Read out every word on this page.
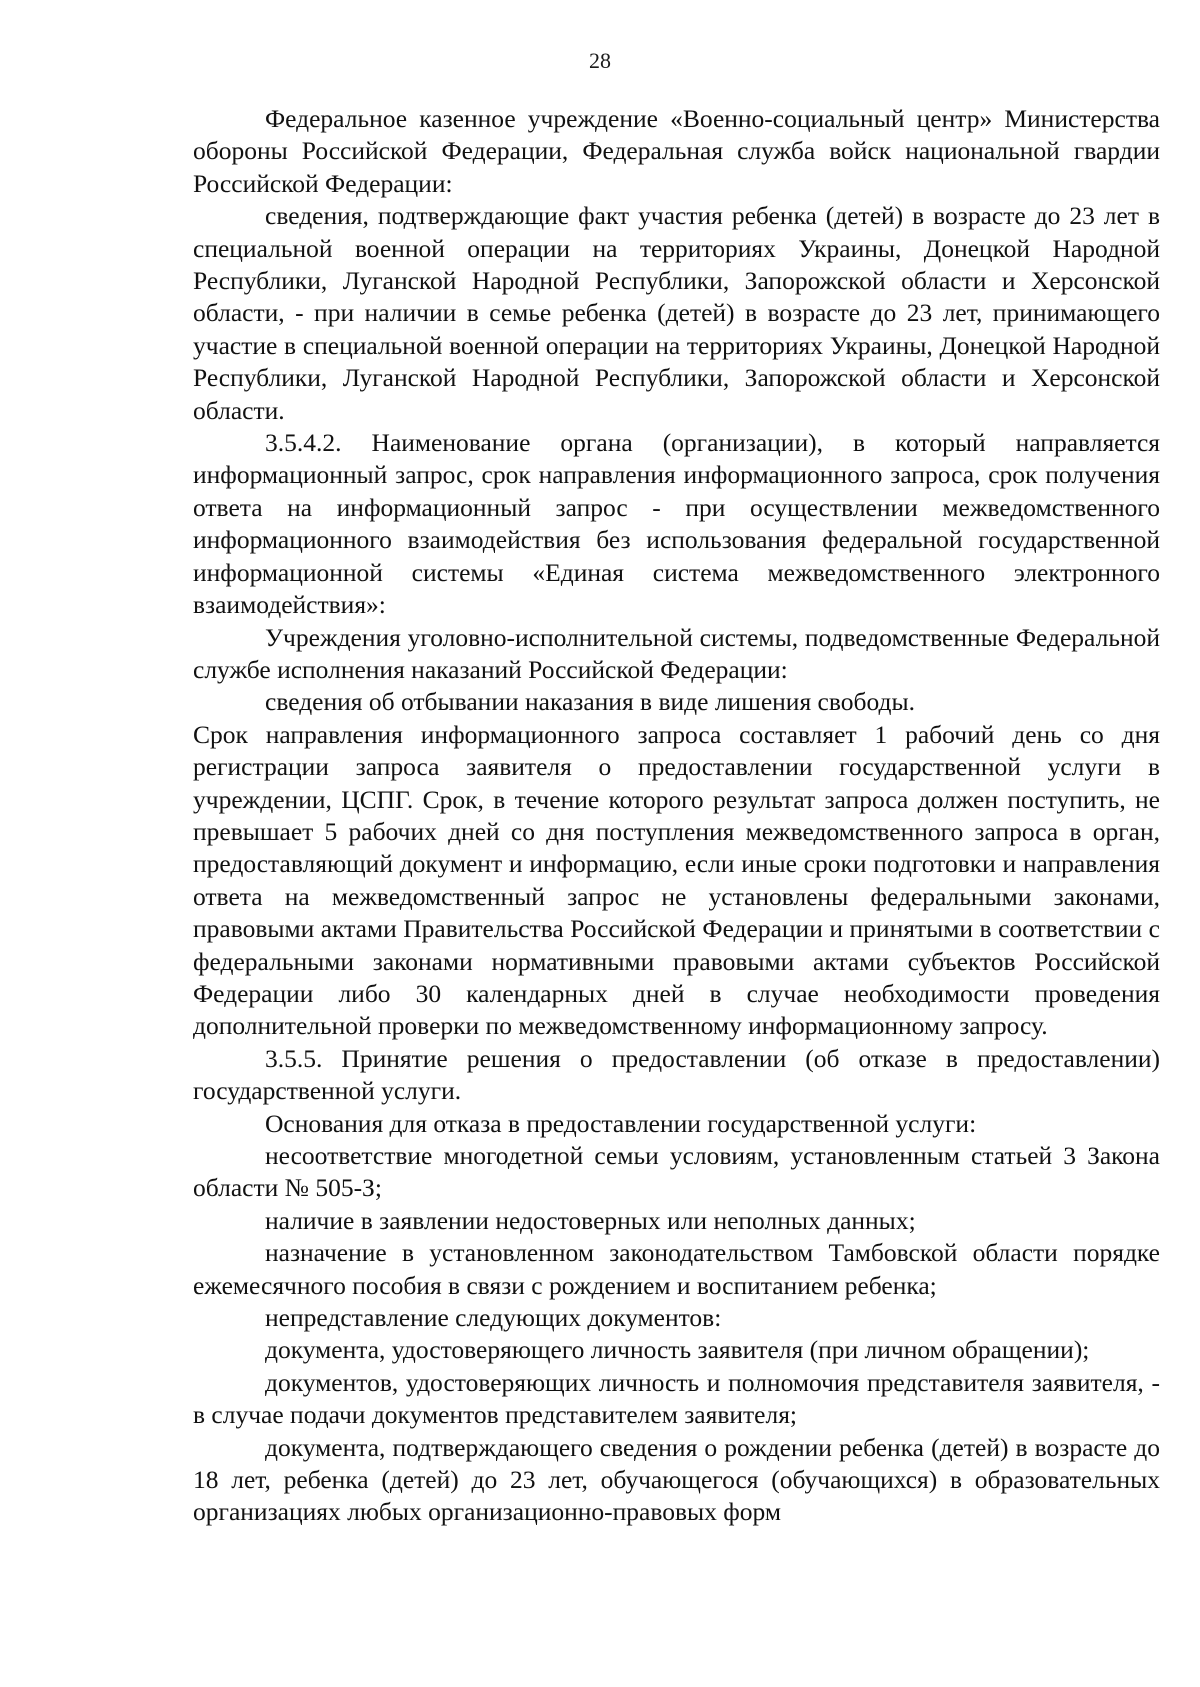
28

Федеральное казенное учреждение «Военно-социальный центр» Министерства обороны Российской Федерации, Федеральная служба войск национальной гвардии Российской Федерации:

сведения, подтверждающие факт участия ребенка (детей) в возрасте до 23 лет в специальной военной операции на территориях Украины, Донецкой Народной Республики, Луганской Народной Республики, Запорожской области и Херсонской области, - при наличии в семье ребенка (детей) в возрасте до 23 лет, принимающего участие в специальной военной операции на территориях Украины, Донецкой Народной Республики, Луганской Народной Республики, Запорожской области и Херсонской области.

3.5.4.2. Наименование органа (организации), в который направляется информационный запрос, срок направления информационного запроса, срок получения ответа на информационный запрос - при осуществлении межведомственного информационного взаимодействия без использования федеральной государственной информационной системы «Единая система межведомственного электронного взаимодействия»:

Учреждения уголовно-исполнительной системы, подведомственные Федеральной службе исполнения наказаний Российской Федерации:

сведения об отбывании наказания в виде лишения свободы.

Срок направления информационного запроса составляет 1 рабочий день со дня регистрации запроса заявителя о предоставлении государственной услуги в учреждении, ЦСПГ. Срок, в течение которого результат запроса должен поступить, не превышает 5 рабочих дней со дня поступления межведомственного запроса в орган, предоставляющий документ и информацию, если иные сроки подготовки и направления ответа на межведомственный запрос не установлены федеральными законами, правовыми актами Правительства Российской Федерации и принятыми в соответствии с федеральными законами нормативными правовыми актами субъектов Российской Федерации либо 30 календарных дней в случае необходимости проведения дополнительной проверки по межведомственному информационному запросу.

3.5.5. Принятие решения о предоставлении (об отказе в предоставлении) государственной услуги.

Основания для отказа в предоставлении государственной услуги:

несоответствие многодетной семьи условиям, установленным статьей 3 Закона области № 505-З;

наличие в заявлении недостоверных или неполных данных;

назначение в установленном законодательством Тамбовской области порядке ежемесячного пособия в связи с рождением и воспитанием ребенка;

непредставление следующих документов:

документа, удостоверяющего личность заявителя (при личном обращении);

документов, удостоверяющих личность и полномочия представителя заявителя, - в случае подачи документов представителем заявителя;

документа, подтверждающего сведения о рождении ребенка (детей) в возрасте до 18 лет, ребенка (детей) до 23 лет, обучающегося (обучающихся) в образовательных организациях любых организационно-правовых форм
